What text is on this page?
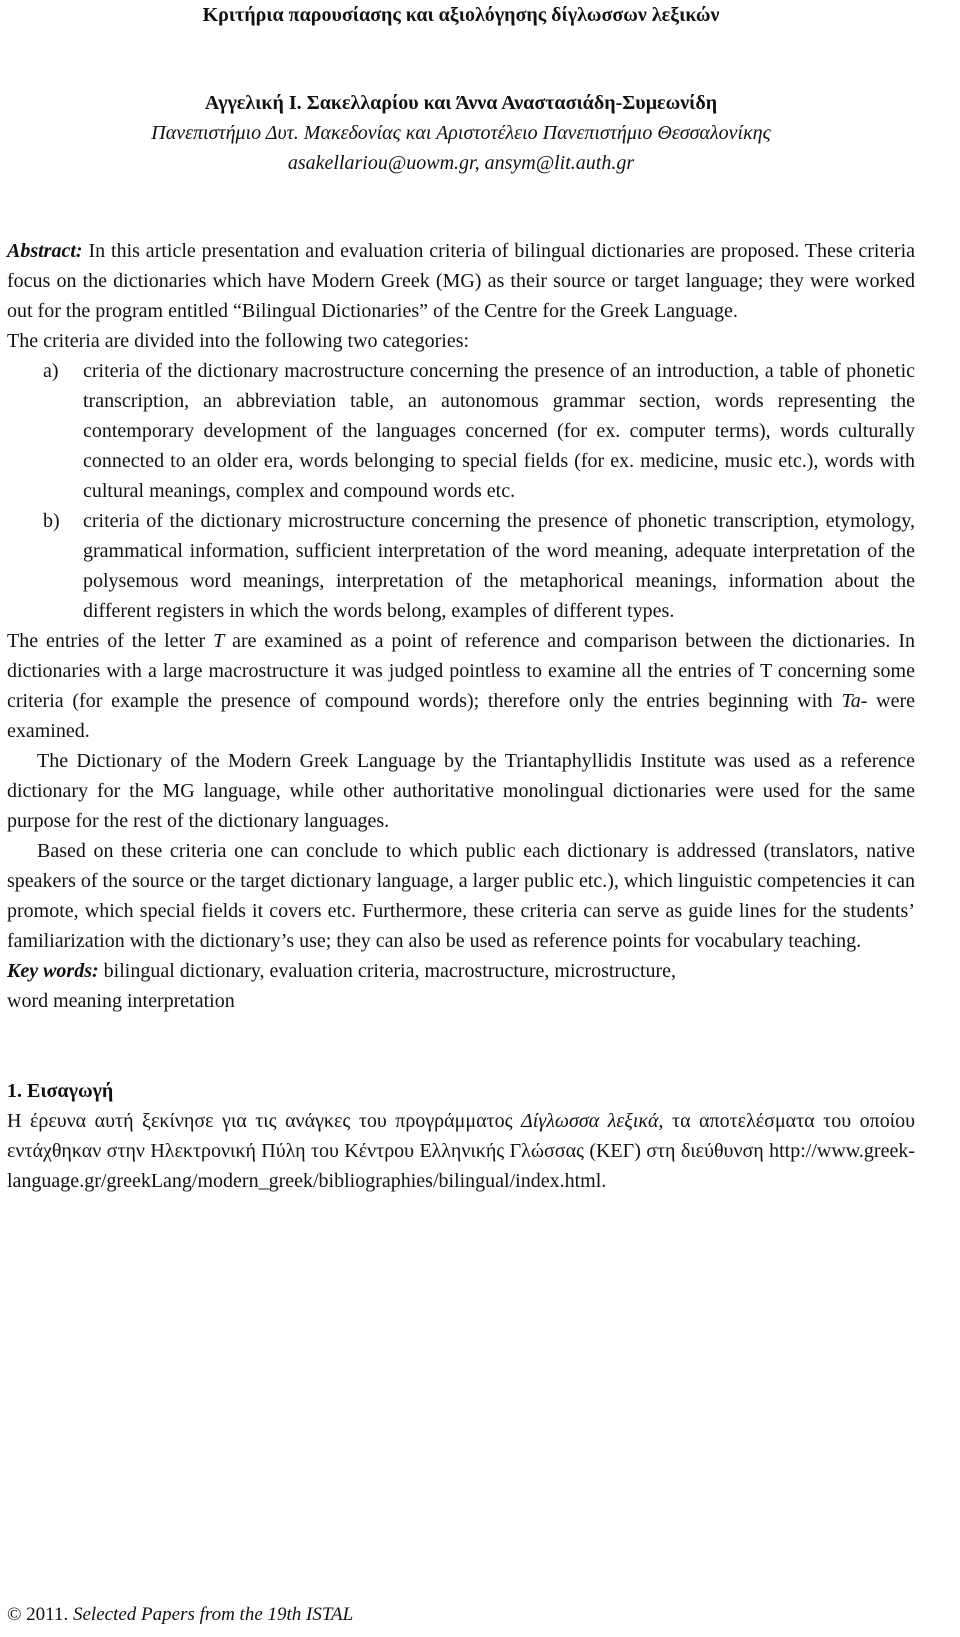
Κριτήρια παρουσίασης και αξιολόγησης δίγλωσσων λεξικών
Αγγελική Ι. Σακελλαρίου και Άννα Αναστασιάδη-Συμεωνίδη
Πανεπιστήμιο Δυτ. Μακεδονίας και Αριστοτέλειο Πανεπιστήμιο Θεσσαλονίκης
asakellariou@uowm.gr, ansym@lit.auth.gr

Abstract: In this article presentation and evaluation criteria of bilingual dictionaries are proposed. These criteria focus on the dictionaries which have Modern Greek (MG) as their source or target language; they were worked out for the program entitled “Bilingual Dictionaries” of the Centre for the Greek Language.

The criteria are divided into the following two categories:

a) criteria of the dictionary macrostructure concerning the presence of an introduction, a table of phonetic transcription, an abbreviation table, an autonomous grammar section, words representing the contemporary development of the languages concerned (for ex. computer terms), words culturally connected to an older era, words belonging to special fields (for ex. medicine, music etc.), words with cultural meanings, complex and compound words etc.
b) criteria of the dictionary microstructure concerning the presence of phonetic transcription, etymology, grammatical information, sufficient interpretation of the word meaning, adequate interpretation of the polysemous word meanings, interpretation of the metaphorical meanings, information about the different registers in which the words belong, examples of different types.

The entries of the letter T are examined as a point of reference and comparison between the dictionaries. In dictionaries with a large macrostructure it was judged pointless to examine all the entries of T concerning some criteria (for example the presence of compound words); therefore only the entries beginning with Ta- were examined.

The Dictionary of the Modern Greek Language by the Triantaphyllidis Institute was used as a reference dictionary for the MG language, while other authoritative monolingual dictionaries were used for the same purpose for the rest of the dictionary languages.

Based on these criteria one can conclude to which public each dictionary is addressed (translators, native speakers of the source or the target dictionary language, a larger public etc.), which linguistic competencies it can promote, which special fields it covers etc. Furthermore, these criteria can serve as guide lines for the students’ familiarization with the dictionary’s use; they can also be used as reference points for vocabulary teaching.

Key words: bilingual dictionary, evaluation criteria, macrostructure, microstructure,
word meaning interpretation
1. Εισαγωγή

Η έρευνα αυτή ξεκίνησε για τις ανάγκες του προγράμματος Δίγλωσσα λεξικά, τα αποτελέσματα του οποίου εντάχθηκαν στην Ηλεκτρονική Πύλη του Κέντρου Ελληνικής Γλώσσας (ΚΕΓ) στη διεύθυνση http://www.greek-language.gr/greekLang/modern_greek/bibliographies/bilingual/index.html.

© 2011. Selected Papers from the 19th ISTAL
